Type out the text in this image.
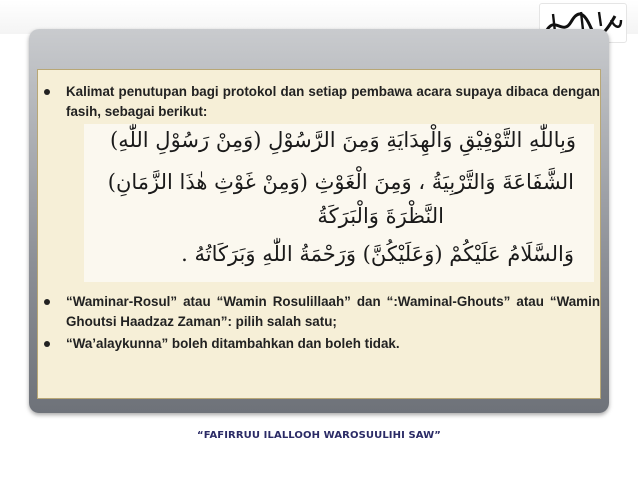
Kalimat penutupan bagi protokol dan setiap pembawa acara supaya dibaca dengan fasih, sebagai berikut:
وَبِاللّٰهِ التَّوْفِيْقِ وَالْهِدَايَةِ وَمِنَ الرَّسُوْلِ (وَمِنْ رَسُوْلِ اللّٰهِ)
الشَّفَاعَةَ وَالتَّرْبِيَةُ ، وَمِنَ الْغَوْثِ (وَمِنْ غَوْثِ هٰذَا الزَّمَانِ)
النَّظْرَةَ وَالْبَرَكَةُ
وَالسَّلَامُ عَلَيْكُمْ (وَعَلَيْكُنَّ) وَرَحْمَةُ اللّٰهِ وَبَرَكَاتُهُ .
“Waminar-Rosul” atau “Wamin Rosulillaah” dan “:Waminal-Ghouts” atau “Wamin Ghoutsi Haadzaz Zaman”: pilih salah satu;
“Wa’alaykunna” boleh ditambahkan dan boleh tidak.
“FAFIRRUU ILALLOOH WAROSUULIHI SAW”
